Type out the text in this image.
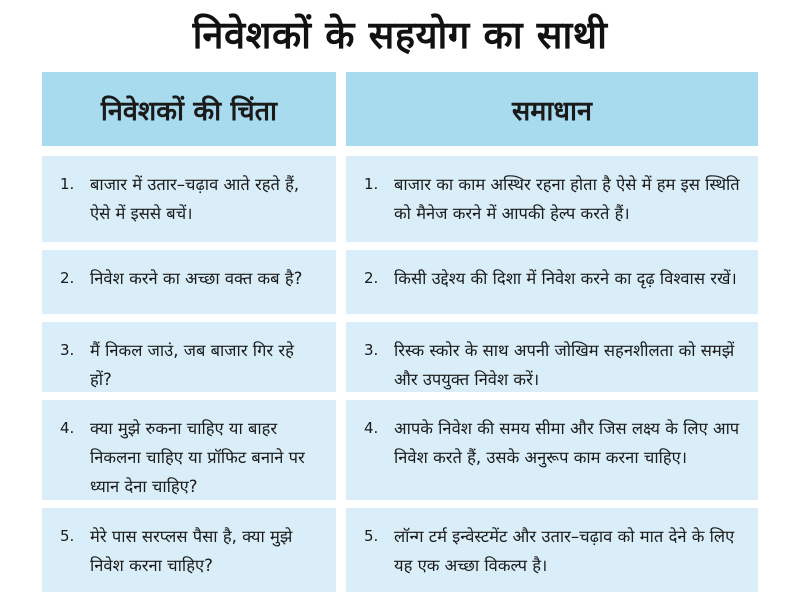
निवेशकों के सहयोग का साथी
निवेशकों की चिंता	समाधान
1. बाजार में उतार–चढ़ाव आते रहते हैं, ऐसे में इससे बचें।
1. बाजार का काम अस्थिर रहना होता है ऐसे में हम इस स्थिति को मैनेज करने में आपकी हेल्प करते हैं।
2. निवेश करने का अच्छा वक्त कब है?	2. किसी उद्देश्य की दिशा में निवेश करने का दृढ़ विश्वास रखें।
3. मैं निकल जाउं, जब बाजार गिर रहे हों?
3. रिस्क स्कोर के साथ अपनी जोखिम सहनशीलता को समझें और उपयुक्त निवेश करें।
4. क्या मुझे रुकना चाहिए या बाहर निकलना चाहिए या प्रॉफिट बनाने पर ध्यान देना चाहिए?
4. आपके निवेश की समय सीमा और जिस लक्ष्य के लिए आप निवेश करते हैं, उसके अनुरूप काम करना चाहिए।
5. मेरे पास सरप्लस पैसा है, क्या मुझे निवेश करना चाहिए?
5. लॉन्ग टर्म इन्वेस्टमेंट और उतार–चढ़ाव को मात देने के लिए यह एक अच्छा विकल्प है।
